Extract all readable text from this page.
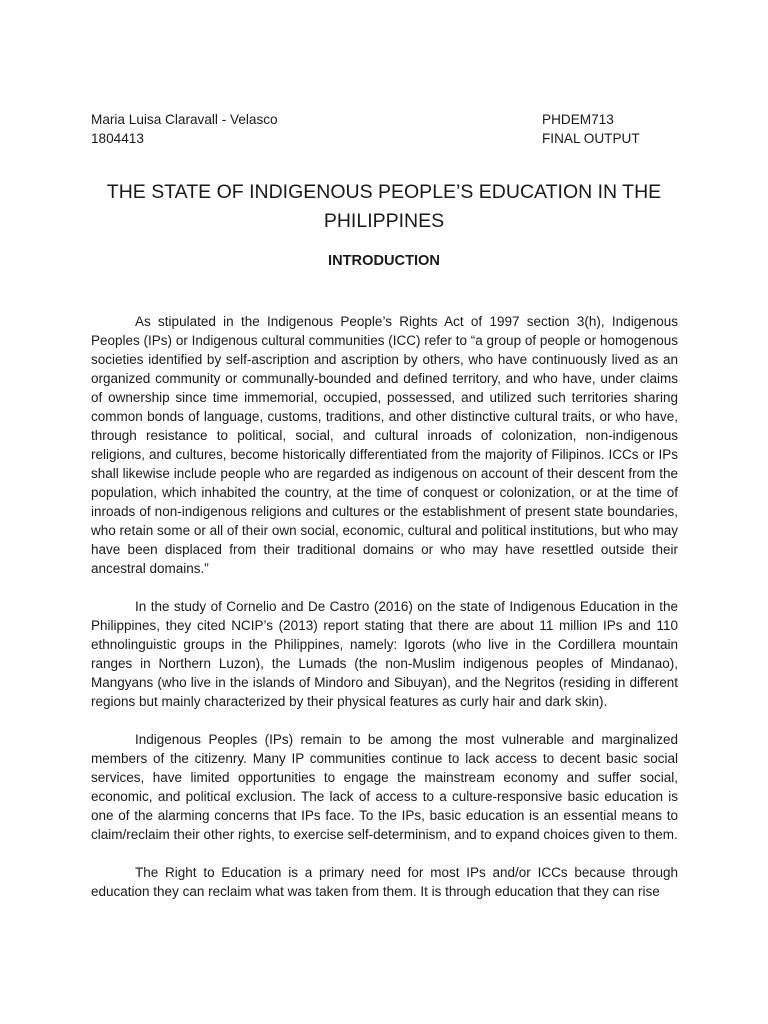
Maria Luisa Claravall - Velasco
1804413
PHDEM713
FINAL OUTPUT
THE STATE OF INDIGENOUS PEOPLE’S EDUCATION IN THE
PHILIPPINES
INTRODUCTION

As stipulated in the Indigenous People’s Rights Act of 1997 section 3(h), Indigenous Peoples (IPs) or Indigenous cultural communities (ICC) refer to “a group of people or homogenous societies identified by self-ascription and ascription by others, who have continuously lived as an organized community or communally-bounded and defined territory, and who have, under claims of ownership since time immemorial, occupied, possessed, and utilized such territories sharing common bonds of language, customs, traditions, and other distinctive cultural traits, or who have, through resistance to political, social, and cultural inroads of colonization, non-indigenous religions, and cultures, become historically differentiated from the majority of Filipinos. ICCs or IPs shall likewise include people who are regarded as indigenous on account of their descent from the population, which inhabited the country, at the time of conquest or colonization, or at the time of inroads of non-indigenous religions and cultures or the establishment of present state boundaries, who retain some or all of their own social, economic, cultural and political institutions, but who may have been displaced from their traditional domains or who may have resettled outside their ancestral domains.”

In the study of Cornelio and De Castro (2016) on the state of Indigenous Education in the Philippines, they cited NCIP’s (2013) report stating that there are about 11 million IPs and 110 ethnolinguistic groups in the Philippines, namely: Igorots (who live in the Cordillera mountain ranges in Northern Luzon), the Lumads (the non-Muslim indigenous peoples of Mindanao), Mangyans (who live in the islands of Mindoro and Sibuyan), and the Negritos (residing in different regions but mainly characterized by their physical features as curly hair and dark skin).

Indigenous Peoples (IPs) remain to be among the most vulnerable and marginalized members of the citizenry. Many IP communities continue to lack access to decent basic social services, have limited opportunities to engage the mainstream economy and suffer social, economic, and political exclusion. The lack of access to a culture-responsive basic education is one of the alarming concerns that IPs face. To the IPs, basic education is an essential means to claim/reclaim their other rights, to exercise self-determinism, and to expand choices given to them.

The Right to Education is a primary need for most IPs and/or ICCs because through education they can reclaim what was taken from them. It is through education that they can rise
